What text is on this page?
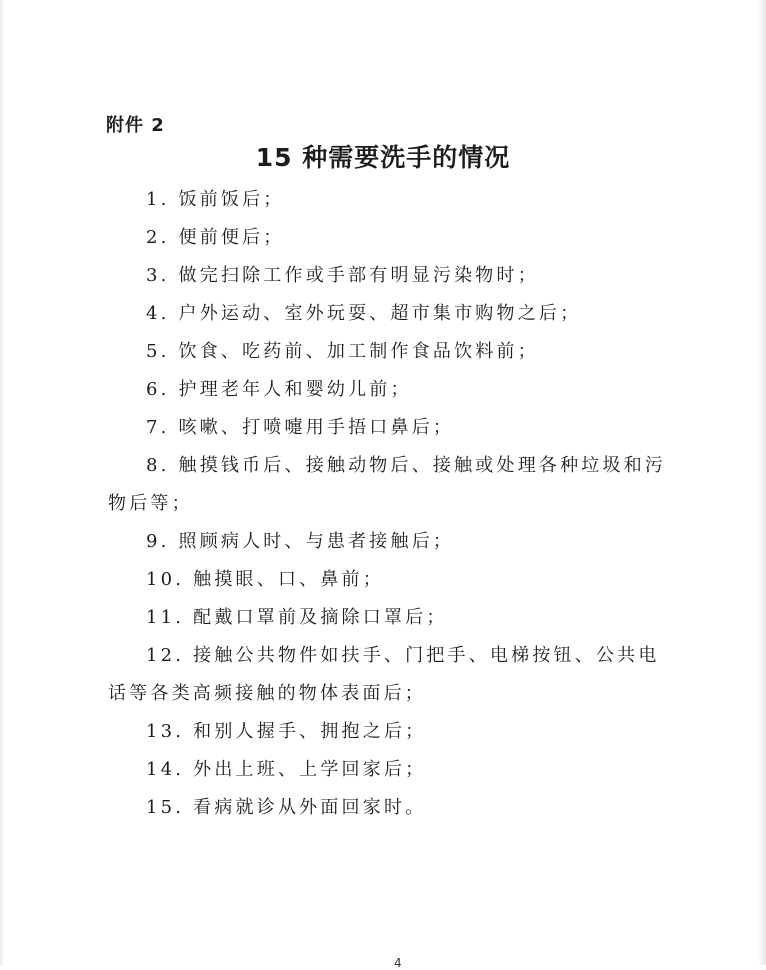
附件 2
15 种需要洗手的情况
1. 饭前饭后；
2. 便前便后；
3. 做完扫除工作或手部有明显污染物时；
4. 户外运动、室外玩耍、超市集市购物之后；
5. 饮食、吃药前、加工制作食品饮料前；
6. 护理老年人和婴幼儿前；
7. 咳嗽、打喷嚏用手捂口鼻后；
8. 触摸钱币后、接触动物后、接触或处理各种垃圾和污物后等；
9. 照顾病人时、与患者接触后；
10. 触摸眼、口、鼻前；
11. 配戴口罩前及摘除口罩后；
12. 接触公共物件如扶手、门把手、电梯按钮、公共电话等各类高频接触的物体表面后；
13. 和别人握手、拥抱之后；
14. 外出上班、上学回家后；
15. 看病就诊从外面回家时。
4
